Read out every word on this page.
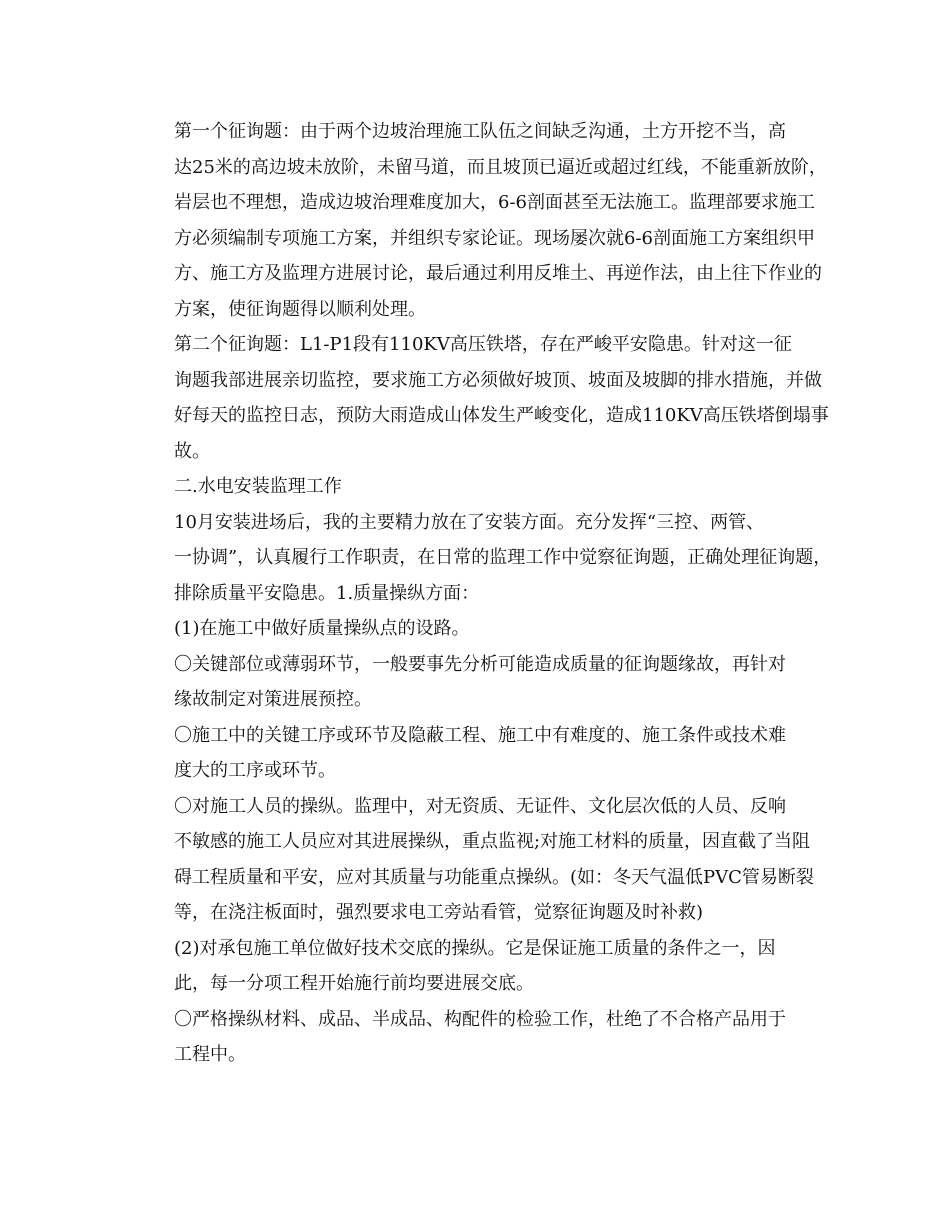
第一个征询题：由于两个边坡治理施工队伍之间缺乏沟通，土方开挖不当，高
达25米的高边坡未放阶，未留马道，而且坡顶已逼近或超过红线，不能重新放阶，
岩层也不理想，造成边坡治理难度加大，6-6剖面甚至无法施工。监理部要求施工
方必须编制专项施工方案，并组织专家论证。现场屡次就6-6剖面施工方案组织甲
方、施工方及监理方进展讨论，最后通过利用反堆土、再逆作法，由上往下作业的
方案，使征询题得以顺利处理。

第二个征询题：L1-P1段有110KV高压铁塔，存在严峻平安隐患。针对这一征
询题我部进展亲切监控，要求施工方必须做好坡顶、坡面及坡脚的排水措施，并做
好每天的监控日志，预防大雨造成山体发生严峻变化，造成110KV高压铁塔倒塌事
故。

二.水电安装监理工作

10月安装进场后，我的主要精力放在了安装方面。充分发挥“三控、两管、
一协调”，认真履行工作职责，在日常的监理工作中觉察征询题，正确处理征询题，
排除质量平安隐患。1.质量操纵方面：

(1)在施工中做好质量操纵点的设路。

〇关键部位或薄弱环节，一般要事先分析可能造成质量的征询题缘故，再针对
缘故制定对策进展预控。

〇施工中的关键工序或环节及隐蔽工程、施工中有难度的、施工条件或技术难
度大的工序或环节。

〇对施工人员的操纵。监理中，对无资质、无证件、文化层次低的人员、反响
不敏感的施工人员应对其进展操纵，重点监视;对施工材料的质量，因直截了当阻
碍工程质量和平安，应对其质量与功能重点操纵。(如：冬天气温低PVC管易断裂
等，在浇注板面时，强烈要求电工旁站看管，觉察征询题及时补救)

(2)对承包施工单位做好技术交底的操纵。它是保证施工质量的条件之一，因
此，每一分项工程开始施行前均要进展交底。

〇严格操纵材料、成品、半成品、构配件的检验工作，杜绝了不合格产品用于
工程中。
